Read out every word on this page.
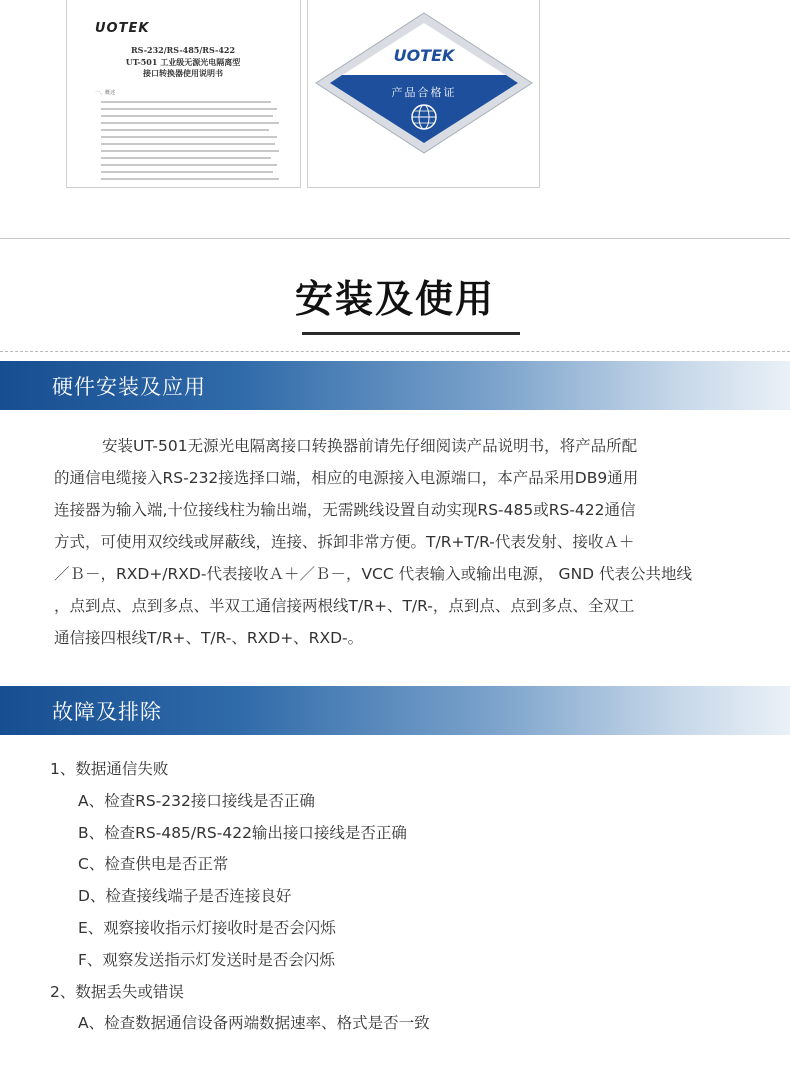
UOTEK
RS-232/RS-485/RS-422
UT-501 工业级无源光电隔离型
接口转换器使用说明书
一、概述
UOTEK
产品合格证
安装及使用
硬件安装及应用

安装UT-501无源光电隔离接口转换器前请先仔细阅读产品说明书，将产品所配

的通信电缆接入RS-232接选择口端，相应的电源接入电源端口，本产品采用DB9通用

连接器为输入端,十位接线柱为输出端，无需跳线设置自动实现RS-485或RS-422通信

方式，可使用双绞线或屏蔽线，连接、拆卸非常方便。T/R+T/R-代表发射、接收Ａ＋

／Ｂ－，RXD+/RXD-代表接收Ａ＋／Ｂ－，VCC 代表输入或输出电源， GND 代表公共地线

，点到点、点到多点、半双工通信接两根线T/R+、T/R-，点到点、点到多点、全双工

通信接四根线T/R+、T/R-、RXD+、RXD-。

故障及排除
1、数据通信失败
A、检查RS-232接口接线是否正确
B、检查RS-485/RS-422输出接口接线是否正确
C、检查供电是否正常
D、检查接线端子是否连接良好
E、观察接收指示灯接收时是否会闪烁
F、观察发送指示灯发送时是否会闪烁
2、数据丢失或错误
A、检查数据通信设备两端数据速率、格式是否一致
